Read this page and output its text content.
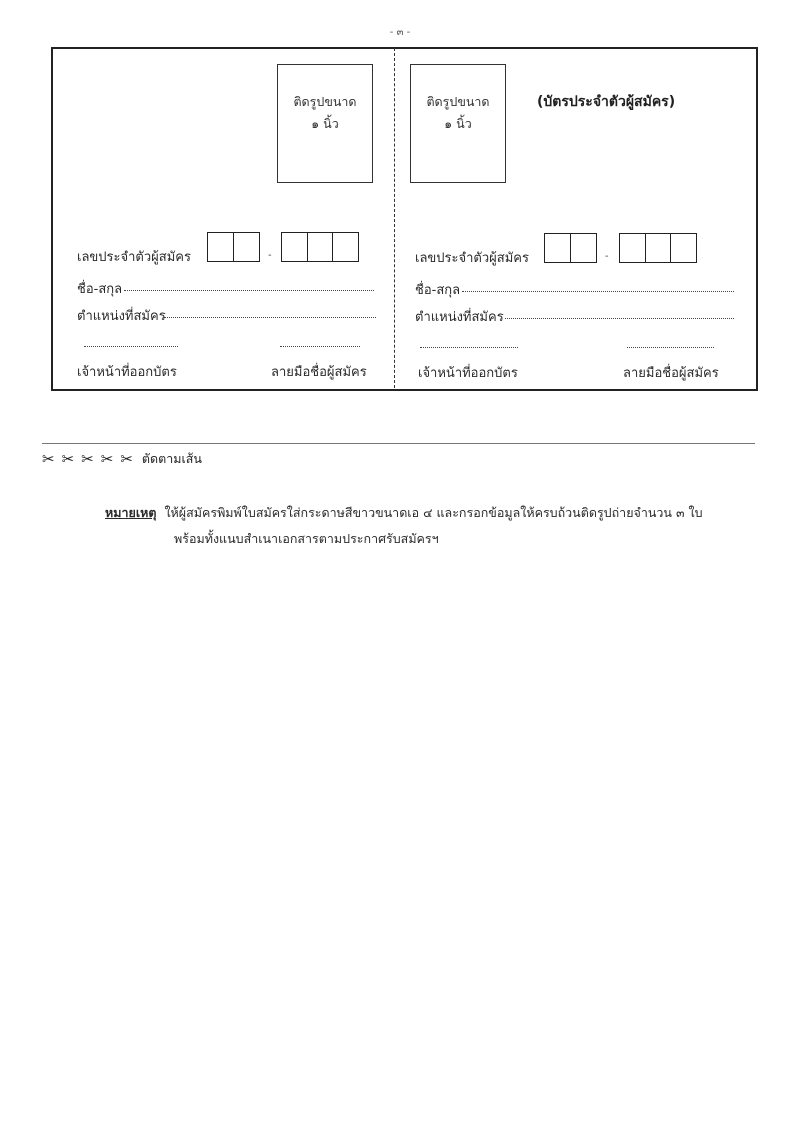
- ๓ -
ติดรูปขนาด
๑ นิ้ว
เลขประจำตัวผู้สมัคร	-
ชื่อ-สกุล
ตำแหน่งที่สมัคร
เจ้าหน้าที่ออกบัตร	ลายมือชื่อผู้สมัคร
ติดรูปขนาด
๑ นิ้ว
(บัตรประจำตัวผู้สมัคร)
เลขประจำตัวผู้สมัคร	-
ชื่อ-สกุล
ตำแหน่งที่สมัคร
เจ้าหน้าที่ออกบัตร	ลายมือชื่อผู้สมัคร
✂ ✂ ✂ ✂ ✂ ตัดตามเส้น
หมายเหตุ ให้ผู้สมัครพิมพ์ใบสมัครใส่กระดาษสีขาวขนาดเอ ๔ และกรอกข้อมูลให้ครบถ้วนติดรูปถ่ายจำนวน ๓ ใบ
พร้อมทั้งแนบสำเนาเอกสารตามประกาศรับสมัครฯ
